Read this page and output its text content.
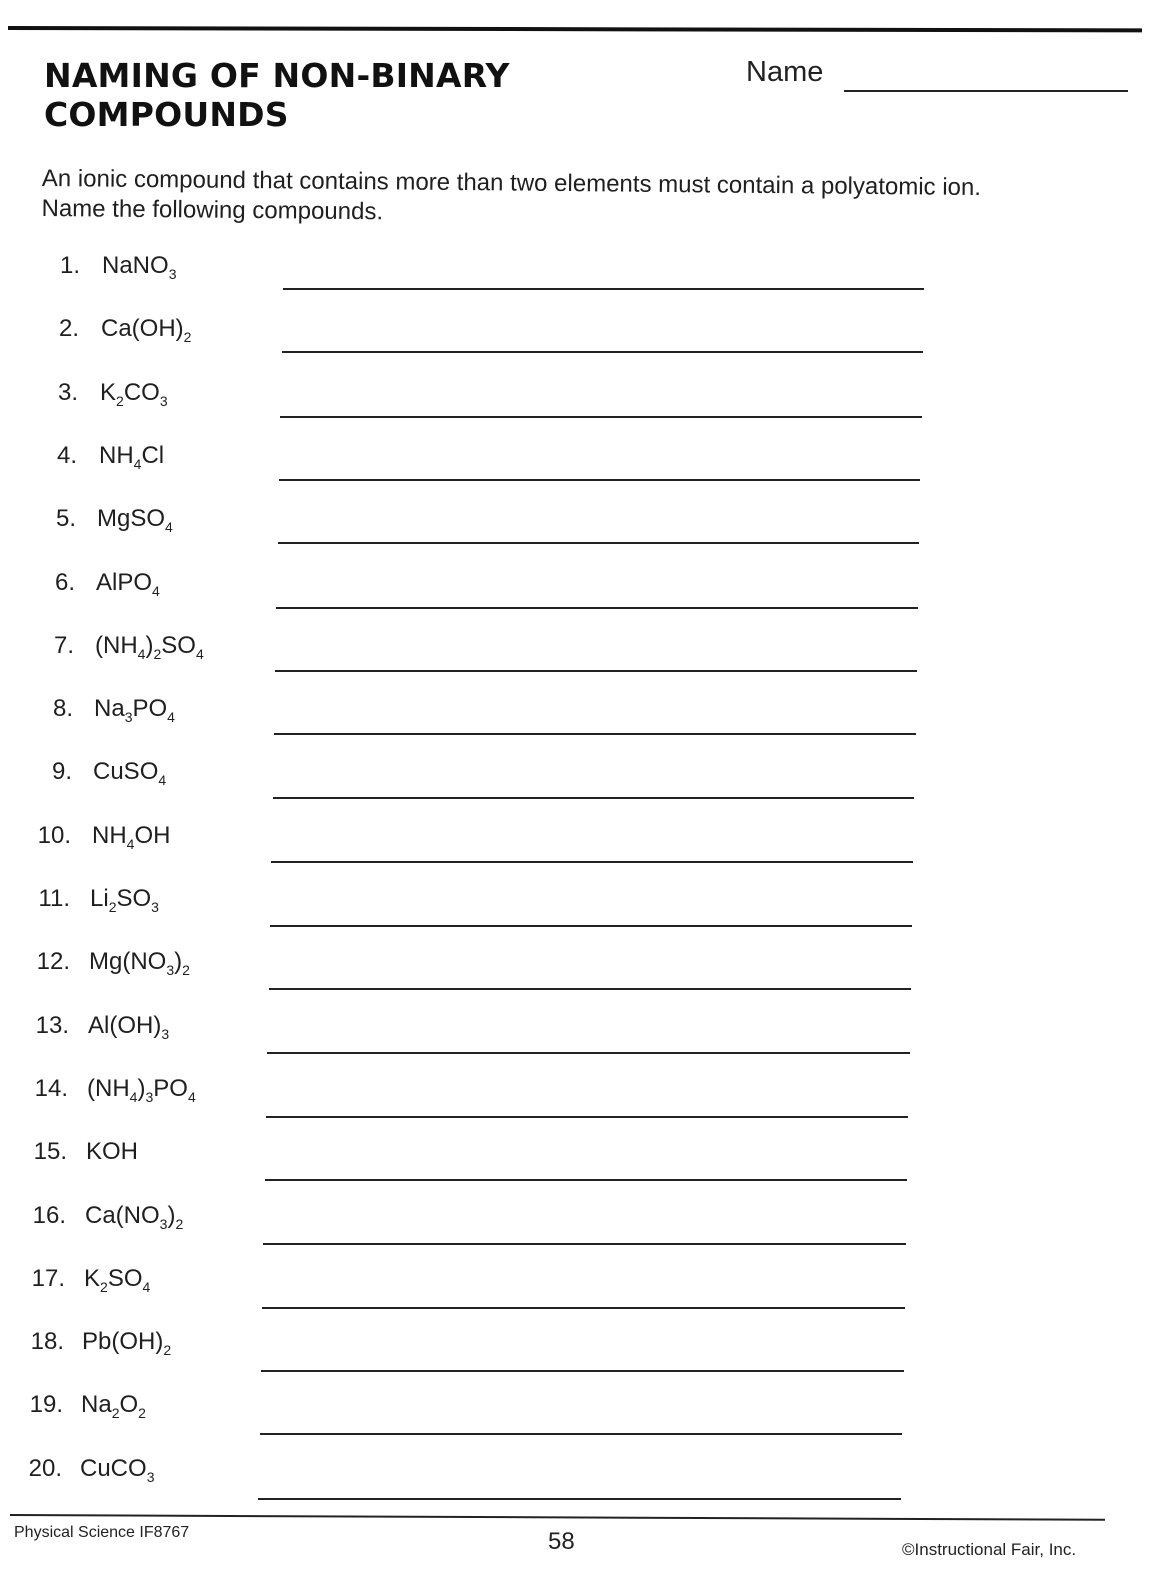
NAMING OF NON-BINARY
COMPOUNDS
Name
An ionic compound that contains more than two elements must contain a polyatomic ion.
Name the following compounds.
1. NaNO$_3$
2. $Ca(OH)_2$
3. $K_2CO_3$
4. $NH_4Cl$
5. MgSO$_4$
6. AlPO$_4$
7. $(NH_4)_2SO_4$
8. $Na_3PO_4$
9. CuSO$_4$
10. $NH_4OH$
11. $Li_2SO_3$
12. $Mg(NO_3)_2$
13. $Al(OH)_3$
14. $(NH_4)_3PO_4$
15. KOH
16. $Ca(NO_3)_2$
17. $K_2SO_4$
18. $Pb(OH)_2$
19. $Na_2O_2$
20. CuCO$_3$
Physical Science IF8767	58	©Instructional Fair, Inc.
